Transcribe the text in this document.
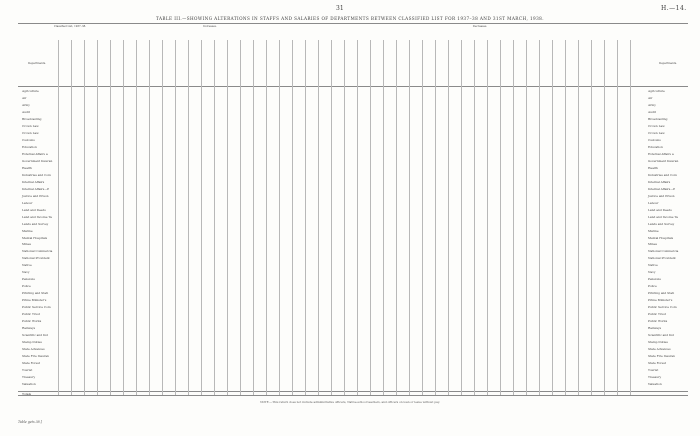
31	H.—14.
TABLE III.—SHOWING ALTERATIONS IN STAFFS AND SALARIES OF DEPARTMENTS BETWEEN CLASSIFIED LIST FOR 1937–38 AND 31ST MARCH, 1938.
Classified List, 1937–38.	Increases.	Decreases.
Departments.	Departments.
Agriculture	Agriculture
Air	Air
Army	Army
Audit	Audit
Broadcasting	Broadcasting
Crown Law	Crown Law
Crown Law	Crown Law
Customs	Customs
Education	Education
External Affairs a	External Affairs a
Government Insuran	Government Insuran
Health	Health
Industries and Com	Industries and Com
Internal Affairs	Internal Affairs
Internal Affairs—P	Internal Affairs—P
Justice and Prison	Justice and Prison
Labour	Labour
Land and Deeds	Land and Deeds
Land and Income Ta	Land and Income Ta
Lands and Survey	Lands and Survey
Marine	Marine
Mental Hospitals	Mental Hospitals
Mines	Mines
National Commercia	National Commercia
National Provident	National Provident
Native	Native
Navy	Navy
Pensions	Pensions
Police	Police
Printing and Stati	Printing and Stati
Prime Minister's	Prime Minister's
Public Service Com	Public Service Com
Public Trust	Public Trust
Public Works	Public Works
Railways	Railways
Scientific and Ind	Scientific and Ind
Stamp Duties	Stamp Duties
State Advances	State Advances
State Fire Insuran	State Fire Insuran
State Forest	State Forest
Tourist	Tourist
Treasury	Treasury
Valuation	Valuation
Totals
NOTE.—This return does not include administrative officers, Native-school teachers, and officers on loan or leave without pay.
Table gets 38.]
